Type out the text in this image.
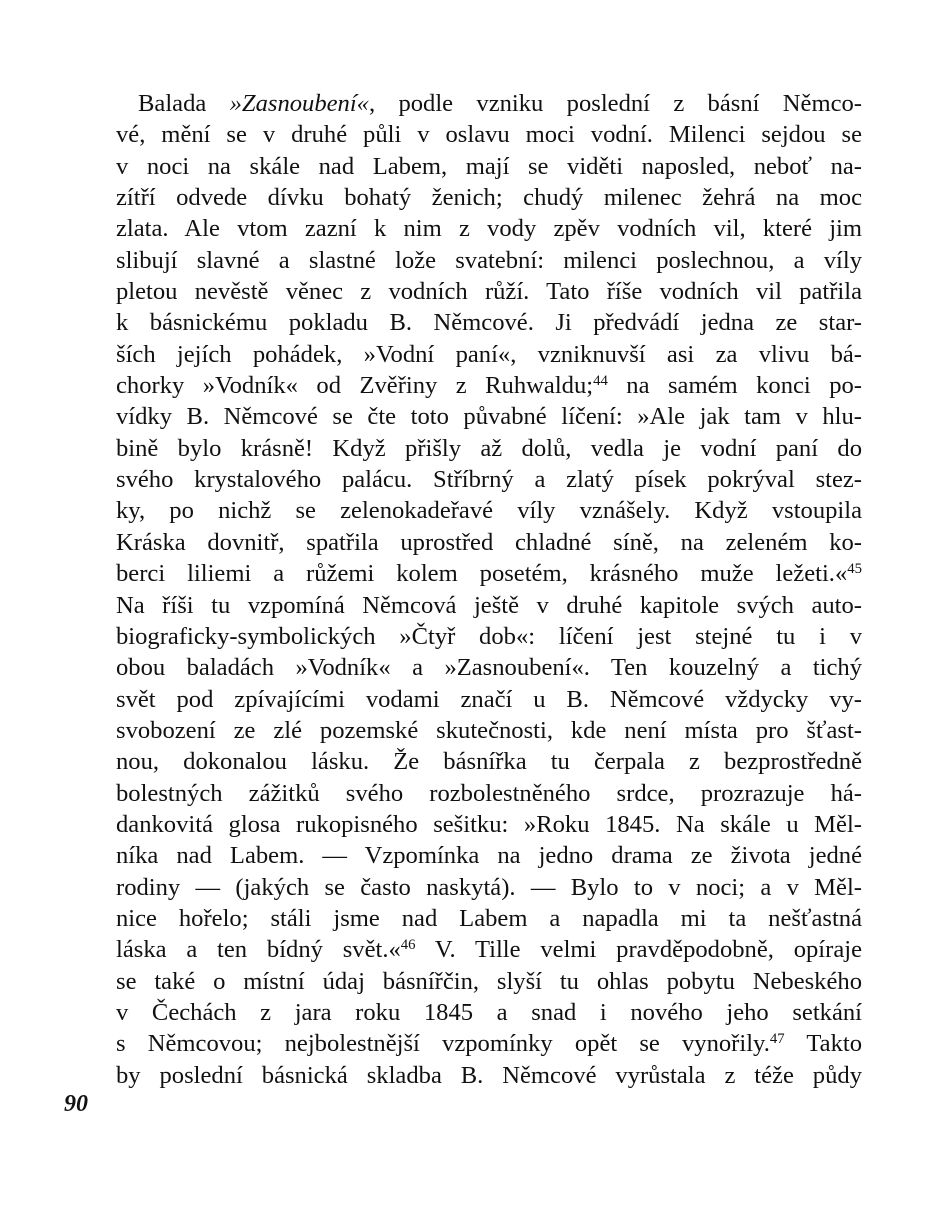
Balada »Zasnoubení«, podle vzniku poslední z básní Němco-
vé, mění se v druhé půli v oslavu moci vodní. Milenci sejdou se
v noci na skále nad Labem, mají se viděti naposled, neboť na-
zítří odvede dívku bohatý ženich; chudý milenec žehrá na moc
zlata. Ale vtom zazní k nim z vody zpěv vodních vil, které jim
slibují slavné a slastné lože svatební: milenci poslechnou, a víly
pletou nevěstě věnec z vodních růží. Tato říše vodních vil patřila
k básnickému pokladu B. Němcové. Ji předvádí jedna ze star-
ších jejích pohádek, »Vodní paní«, vzniknuvší asi za vlivu bá-
chorky »Vodník« od Zvěřiny z Ruhwaldu;$^{44}$ na samém konci po-
vídky B. Němcové se čte toto půvabné líčení: »Ale jak tam v hlu-
bině bylo krásně! Když přišly až dolů, vedla je vodní paní do
svého krystalového palácu. Stříbrný a zlatý písek pokrýval stez-
ky, po nichž se zelenokadeřavé víly vznášely. Když vstoupila
Kráska dovnitř, spatřila uprostřed chladné síně, na zeleném ko-
berci liliemi a růžemi kolem posetém, krásného muže ležeti.«$^{45}$
Na říši tu vzpomíná Němcová ještě v druhé kapitole svých auto-
biograficky-symbolických »Čtyř dob«: líčení jest stejné tu i v
obou baladách »Vodník« a »Zasnoubení«. Ten kouzelný a tichý
svět pod zpívajícími vodami značí u B. Němcové vždycky vy-
svobození ze zlé pozemské skutečnosti, kde není místa pro šťast-
nou, dokonalou lásku. Že básnířka tu čerpala z bezprostředně
bolestných zážitků svého rozbolestněného srdce, prozrazuje há-
dankovitá glosa rukopisného sešitku: »Roku 1845. Na skále u Měl-
níka nad Labem. — Vzpomínka na jedno drama ze života jedné
rodiny — (jakých se často naskytá). — Bylo to v noci; a v Měl-
nice hořelo; stáli jsme nad Labem a napadla mi ta nešťastná
láska a ten bídný svět.«$^{46}$ V. Tille velmi pravděpodobně, opíraje
se také o místní údaj básnířčin, slyší tu ohlas pobytu Nebeského
v Čechách z jara roku 1845 a snad i nového jeho setkání
s Němcovou; nejbolestnější vzpomínky opět se vynořily.$^{47}$ Takto
by poslední básnická skladba B. Němcové vyrůstala z téže půdy
90
